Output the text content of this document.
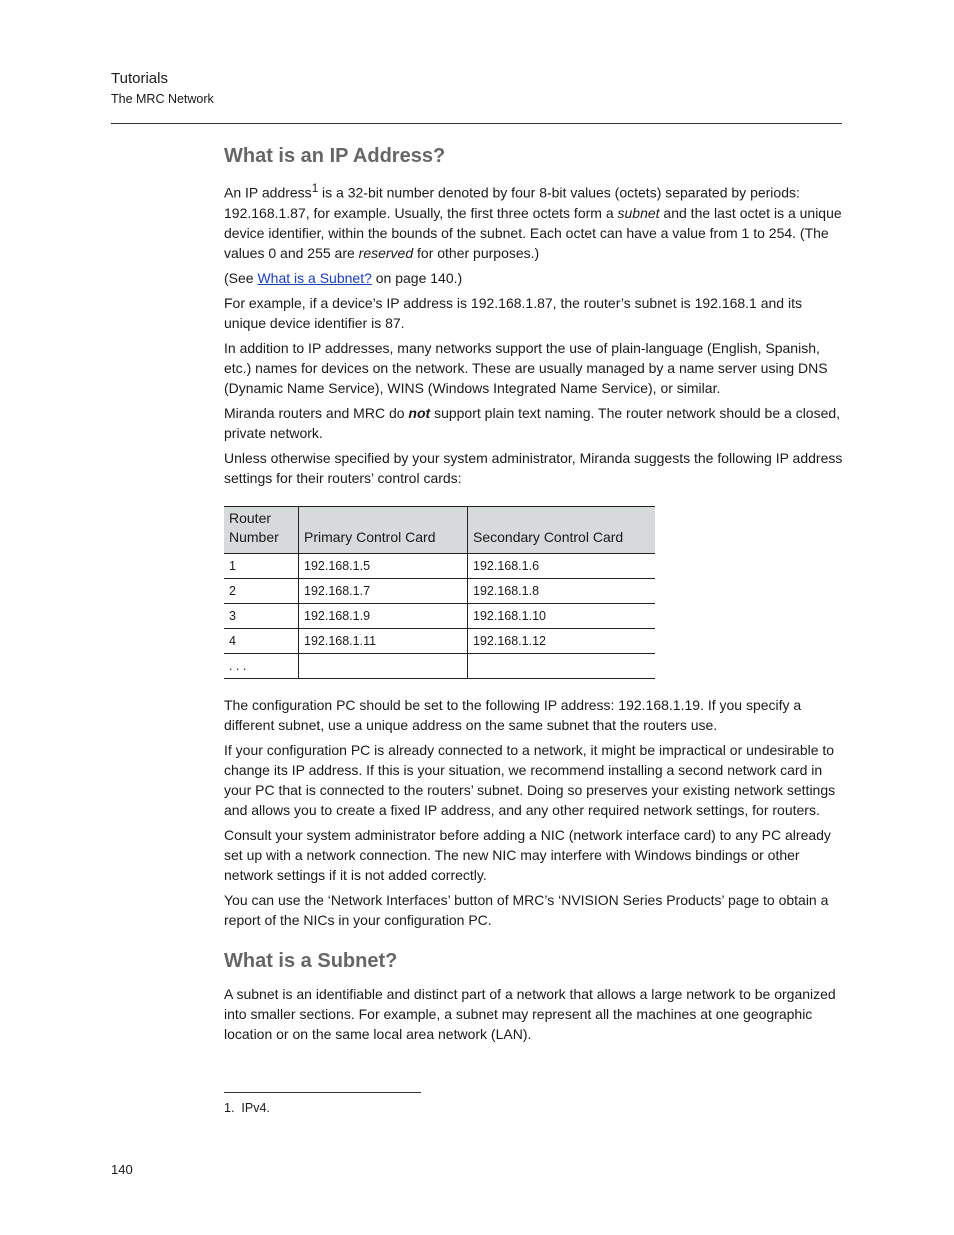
Tutorials
The MRC Network
What is an IP Address?

An IP address$^1$ is a 32-bit number denoted by four 8-bit values (octets) separated by periods: 192.168.1.87, for example. Usually, the first three octets form a subnet and the last octet is a unique device identifier, within the bounds of the subnet. Each octet can have a value from 1 to 254. (The values 0 and 255 are reserved for other purposes.)

(See What is a Subnet? on page 140.)

For example, if a device’s IP address is 192.168.1.87, the router’s subnet is 192.168.1 and its unique device identifier is 87.

In addition to IP addresses, many networks support the use of plain-language (English, Spanish, etc.) names for devices on the network. These are usually managed by a name server using DNS (Dynamic Name Service), WINS (Windows Integrated Name Service), or similar.

Miranda routers and MRC do not support plain text naming. The router network should be a closed, private network.

Unless otherwise specified by your system administrator, Miranda suggests the following IP address settings for their routers’ control cards:

Router Number	Primary Control Card	Secondary Control Card
1	192.168.1.5	192.168.1.6
2	192.168.1.7	192.168.1.8
3	192.168.1.9	192.168.1.10
4	192.168.1.11	192.168.1.12
. . .		

The configuration PC should be set to the following IP address: 192.168.1.19. If you specify a different subnet, use a unique address on the same subnet that the routers use.

If your configuration PC is already connected to a network, it might be impractical or undesirable to change its IP address. If this is your situation, we recommend installing a second network card in your PC that is connected to the routers’ subnet. Doing so preserves your existing network settings and allows you to create a fixed IP address, and any other required network settings, for routers.

Consult your system administrator before adding a NIC (network interface card) to any PC already set up with a network connection. The new NIC may interfere with Windows bindings or other network settings if it is not added correctly.

You can use the ‘Network Interfaces’ button of MRC’s ‘NVISION Series Products’ page to obtain a report of the NICs in your configuration PC.

What is a Subnet?

A subnet is an identifiable and distinct part of a network that allows a large network to be organized into smaller sections. For example, a subnet may represent all the machines at one geographic location or on the same local area network (LAN).

1. IPv4.
140
